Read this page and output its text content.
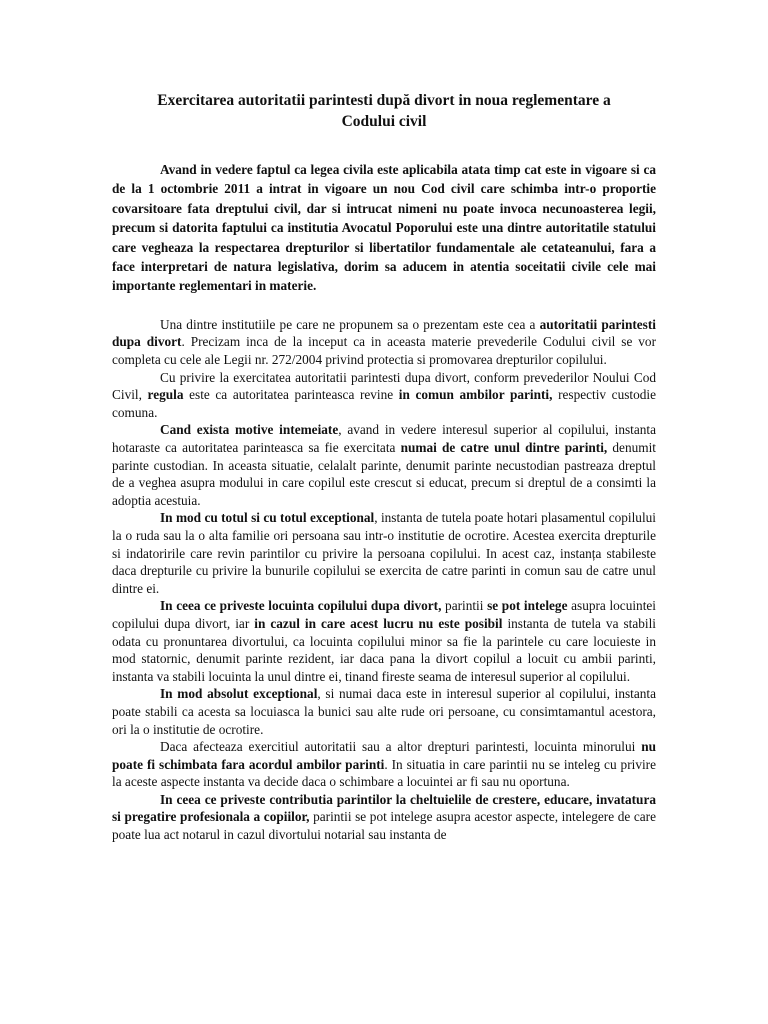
Exercitarea autoritatii parintesti după divort in noua reglementare a
Codului civil

Avand in vedere faptul ca legea civila este aplicabila atata timp cat este in vigoare si ca de la 1 octombrie 2011 a intrat in vigoare un nou Cod civil care schimba intr-o proportie covarsitoare fata dreptului civil, dar si intrucat nimeni nu poate invoca necunoasterea legii, precum si datorita faptului ca institutia Avocatul Poporului este una dintre autoritatile statului care vegheaza la respectarea drepturilor si libertatilor fundamentale ale cetateanului, fara a face interpretari de natura legislativa, dorim sa aducem in atentia soceitatii civile cele mai importante reglementari in materie.

Una dintre institutiile pe care ne propunem sa o prezentam este cea a autoritatii parintesti dupa divort. Precizam inca de la inceput ca in aceasta materie prevederile Codului civil se vor completa cu cele ale Legii nr. 272/2004 privind protectia si promovarea drepturilor copilului.

Cu privire la exercitatea autoritatii parintesti dupa divort, conform prevederilor Noului Cod Civil, regula este ca autoritatea parinteasca revine in comun ambilor parinti, respectiv custodie comuna.

Cand exista motive intemeiate, avand in vedere interesul superior al copilului, instanta hotaraste ca autoritatea parinteasca sa fie exercitata numai de catre unul dintre parinti, denumit parinte custodian. In aceasta situatie, celalalt parinte, denumit parinte necustodian pastreaza dreptul de a veghea asupra modului in care copilul este crescut si educat, precum si dreptul de a consimti la adoptia acestuia.

In mod cu totul si cu totul exceptional, instanta de tutela poate hotari plasamentul copilului la o ruda sau la o alta familie ori persoana sau intr-o institutie de ocrotire. Acestea exercita drepturile si indatoririle care revin parintilor cu privire la persoana copilului. In acest caz, instanța stabileste daca drepturile cu privire la bunurile copilului se exercita de catre parinti in comun sau de catre unul dintre ei.

In ceea ce priveste locuinta copilului dupa divort, parintii se pot intelege asupra locuintei copilului dupa divort, iar in cazul in care acest lucru nu este posibil instanta de tutela va stabili odata cu pronuntarea divortului, ca locuinta copilului minor sa fie la parintele cu care locuieste in mod statornic, denumit parinte rezident, iar daca pana la divort copilul a locuit cu ambii parinti, instanta va stabili locuinta la unul dintre ei, tinand fireste seama de interesul superior al copilului.

In mod absolut exceptional, si numai daca este in interesul superior al copilului, instanta poate stabili ca acesta sa locuiasca la bunici sau alte rude ori persoane, cu consimtamantul acestora, ori la o institutie de ocrotire.

Daca afecteaza exercitiul autoritatii sau a altor drepturi parintesti, locuinta minorului nu poate fi schimbata fara acordul ambilor parinti. In situatia in care parintii nu se inteleg cu privire la aceste aspecte instanta va decide daca o schimbare a locuintei ar fi sau nu oportuna.

In ceea ce priveste contributia parintilor la cheltuielile de crestere, educare, invatatura si pregatire profesionala a copiilor, parintii se pot intelege asupra acestor aspecte, intelegere de care poate lua act notarul in cazul divortului notarial sau instanta de
